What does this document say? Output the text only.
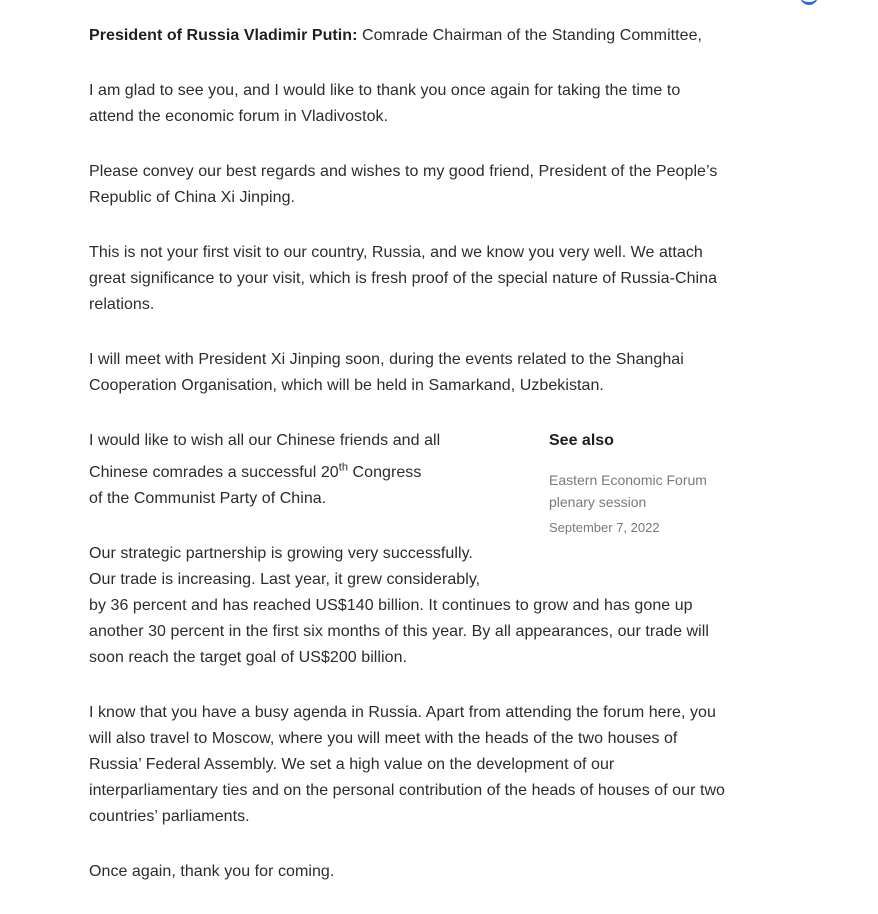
President of Russia Vladimir Putin: Comrade Chairman of the Standing Committee,

I am glad to see you, and I would like to thank you once again for taking the time to attend the economic forum in Vladivostok.

Please convey our best regards and wishes to my good friend, President of the People’s Republic of China Xi Jinping.

This is not your first visit to our country, Russia, and we know you very well. We attach great significance to your visit, which is fresh proof of the special nature of Russia-China relations.

I will meet with President Xi Jinping soon, during the events related to the Shanghai Cooperation Organisation, which will be held in Samarkand, Uzbekistan.

I would like to wish all our Chinese friends and all
Chinese comrades a successful 20th Congress
of the Communist Party of China.

Our strategic partnership is growing very successfully.
Our trade is increasing. Last year, it grew considerably,
by 36 percent and has reached US$140 billion. It continues to grow and has gone up another 30 percent in the first six months of this year. By all appearances, our trade will soon reach the target goal of US$200 billion.

I know that you have a busy agenda in Russia. Apart from attending the forum here, you will also travel to Moscow, where you will meet with the heads of the two houses of Russia’ Federal Assembly. We set a high value on the development of our interparliamentary ties and on the personal contribution of the heads of houses of our two countries’ parliaments.

Once again, thank you for coming.

See also
Eastern Economic Forum plenary session
September 7, 2022
